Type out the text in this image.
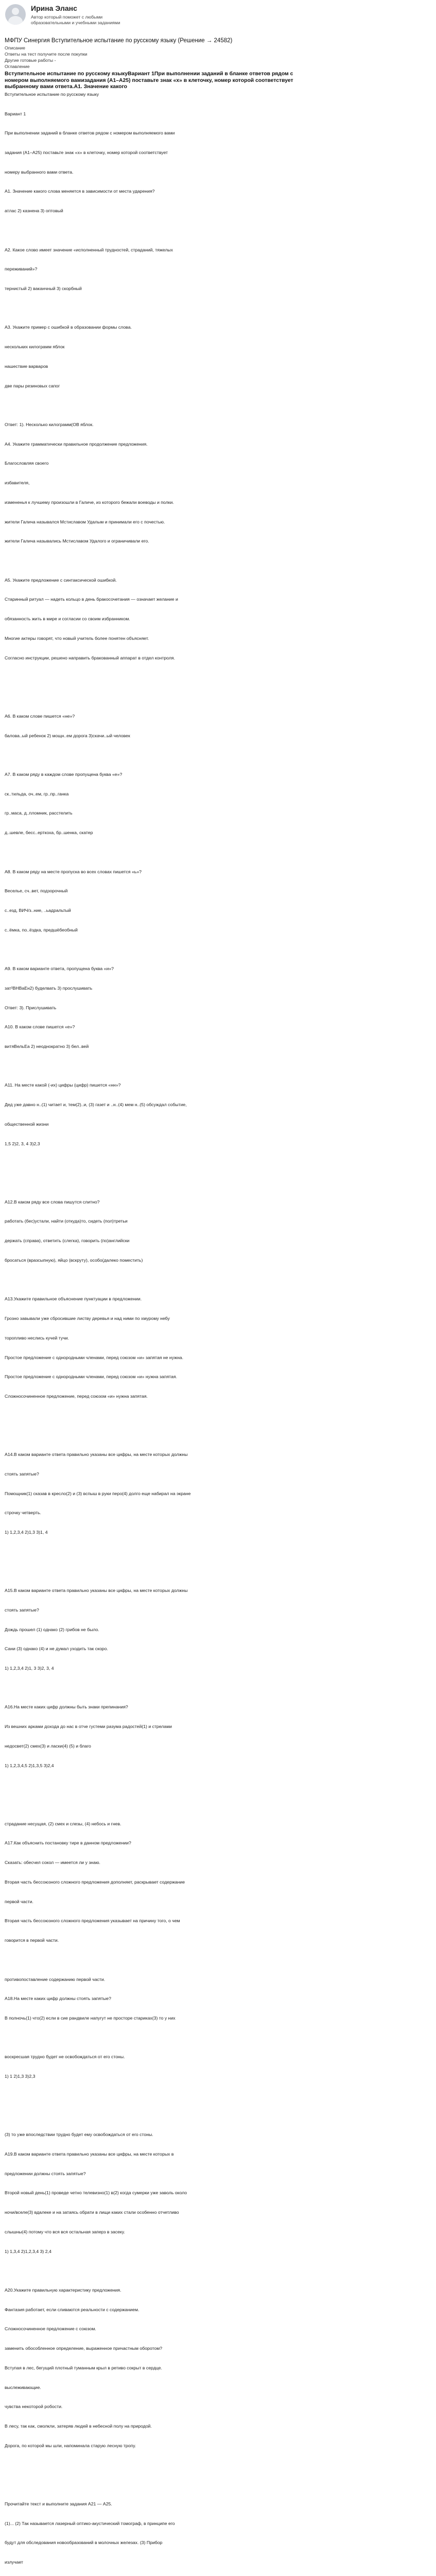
Ирина Эланс
Автор который поможет с любыми образовательными и учебными заданиями
МФПУ Синергия Вступительное испытание по русскому языку (Решение → 24582)
Описание
Ответы на тест получите после покупки
Другие готовые работы -
Оглавление
Вступительное испытание по русскому языкуВариант 1При выполнении заданий в бланке ответов рядом с номером выполняемого вамизадания (А1–А25) поставьте знак «х» в клеточку, номер которой соответствует выбранному вами ответа.А1. Значение какого
Вступительное испытание по русскому языку
Вариант 1
При выполнении заданий в бланке ответов рядом с номером выполняемого вами
задания (А1–А25) поставьте знак «х» в клеточку, номер которой соответствует
номеру выбранного вами ответа.
А1. Значение какого слова меняется в зависимости от места ударения?
атлас 2) казнена 3) оптовый
А2. Какое слово имеет значение «исполненный трудностей, страданий, тяжелых
переживаний»?
тернистый 2) ваканчный 3) скорбный
А3. Укажите пример с ошибкой в образовании формы слова.
нескольких килограмм яблок
нашествие варваров
две пары резиновых сапог
Ответ: 1). Несколько килограмм(ОВ яблок.
А4. Укажите грамматически правильное продолжение предложения.
Благословляя своего
избавителя,
измененья к лучшему произошли в Галиче, из которого бежали воеводы и полки.
жители Галича назывался Мстиславом Удалым и принимали его с почестью.
жители Галича назывались Мстиславом Удалого и ограничивали его.
А5. Укажите предложение с синтаксической ошибкой.
Старинный ритуал — надеть кольцо в день бракосочетания — означает желание и
обязанность жить в мире и согласии со своим избранником.
Многие актеры говорят, что новый учитель более понятен объясняет.
Согласно инструкции, решено направить бракованный аппарат в отдел контроля.
А6. В каком слове пишется «не»?
балова..ый ребенок 2) мощн..ем дорога 3)скачи..ый человек
А7. В каком ряду в каждом слове пропущена буква «е»?
ск..тильда, оч..ем, гр..пр..ганка
гр..маса, д..пломник, расстелить
д..шевле, бесс..ерткоха, бр..шенка, скатер
А8. В каком ряду на месте пропуска во всех словах пишется «ь»?
Веселье, сч..вет, подзорочный
с..езд, ВИЧ/з..ние, ..ьадральтый
с..ёмка, по..ёздка, предшёбеобный
А9. В каком варианте ответа, пропущена буква «и»?
зат²ВНВаЕн2) буделвать 3) прослушивать
Ответ: 3). Прислушивать
А10. В каком слове пишется «е»?
витяВельЕа 2) неоднократно 3) бел..вей
А11. На месте какой (-их) цифры (цифр) пишется «нн»?
Дед уже давно н..(1) читает и, тем(2)..и, (3) газет и ..н..(4) мем н..(5) обсуждал событие,
общественной жизни
1,5 2)2, 3, 4 3)2,3
А12.В каком ряду все слова пишутся слитно?
работать (бес)устали, найти (откуда)то, сидеть (пол)третьи
держать (справа), ответить (слегка), говорить (по)английски
бросаться (вразсыпную), яйцо (вскруту), особо(далеко поместить)
А13.Укажите правильное объяснение пунктуации в предложении.
Грозно завывали уже сбросившие листву деревья и над ними по хмурому небу
торопливо неслись кучей тучи.
Простое предложение с однородными членами, перед союзом «и» запятая не нужна.
Простое предложение с однородными членами, перед союзом «и» нужна запятая.
Сложносочиненное предложение, перед союзом «и» нужна запятая.
А14.В каком варианте ответа правильно указаны все цифры, на месте которых должны
стоять запятые?
Помощник(1) сказав в кресло(2) и (3) вспыш в руки перо(4) долго еще набирал на экране
строчку четверть.
1) 1,2,3,4 2)1,3 3)1, 4
А15.В каком варианте ответа правильно указаны все цифры, на месте которых должны
стоять запятые?
Дождь прошел (1) однако (2) грибов не было.
Сани (3) однако (4) и не думал уходить так скоро.
1) 1,2,3,4 2)1, 3 3)2, 3, 4
А16.На месте каких цифр должны быть знаки препинания?
Из вешних арками дохода до нас в отче густеми разума радостей(1) и стрелами
недосвет(2) смех(3) и ласки(4) (5) и благо
1) 1,2,3,4,5 2)1,3,5 3)2,4
страдание несущая, (2) смех и слезы, (4) небось и гнев.
А17.Как объяснить постановку тире в данном предложении?
Сказать: обесчел сокол — имеется ли у знаю.
Вторая часть бессоюзного сложного предложения дополняет, раскрывает содержание
первой части.
Вторая часть бессоюзного сложного предложения указывает на причину того, о чем
говорится в первой части.
противопоставление содержанию первой части.
А18.На месте каких цифр должны стоять запятые?
В полночь(1) что(2) если в сие рандвиле напугут не просторе стариках(3) то у них
воскресшая трудно будет не освобождаться от его стоны.
1) 1 2)1,3 3)2,3
(3) то уже впоследствии трудно будет ему освобождаться от его стоны.
А19.В каком варианте ответа правильно указаны все цифры, на месте которых в
предложении должны стоять запятые?
Второй новый день(1) проведе четно телевизно(1) в(2) когда сумерки уже заволь около
ночи/вселе(3) вдалеке и на затаясь обрати в лищи каких стали особенно отчетливо
слышны(4) потому что вся вся остальная заперз в засеку.
1) 1,3,4 2)1,2,3,4 3) 2,4
А20.Укажите правильную характеристику предложения.
Фантазия работает, если сливаются реальности с содержанием.
Сложносочиненное предложение с союзом.
заменить обособленное определение, выраженное причастным оборотом?
Вступая в лес, бегущий плотный туманным крыл в ретиво сокрыт в сердце.
выслеживающие.
чувства некоторой робости.
В лесу, так как, смолкли, затеряв людей в небесной полу на природой.
Дорога, по которой мы шли, напоминала старую лесную тропу.
Прочитайте текст и выполните задания А21 — А25.
(1)... (2) Так называется лазерный оптико-акустический томограф, в принципе его
будут для обследования новообразований в молочных железах. (3) Прибор
излучает
